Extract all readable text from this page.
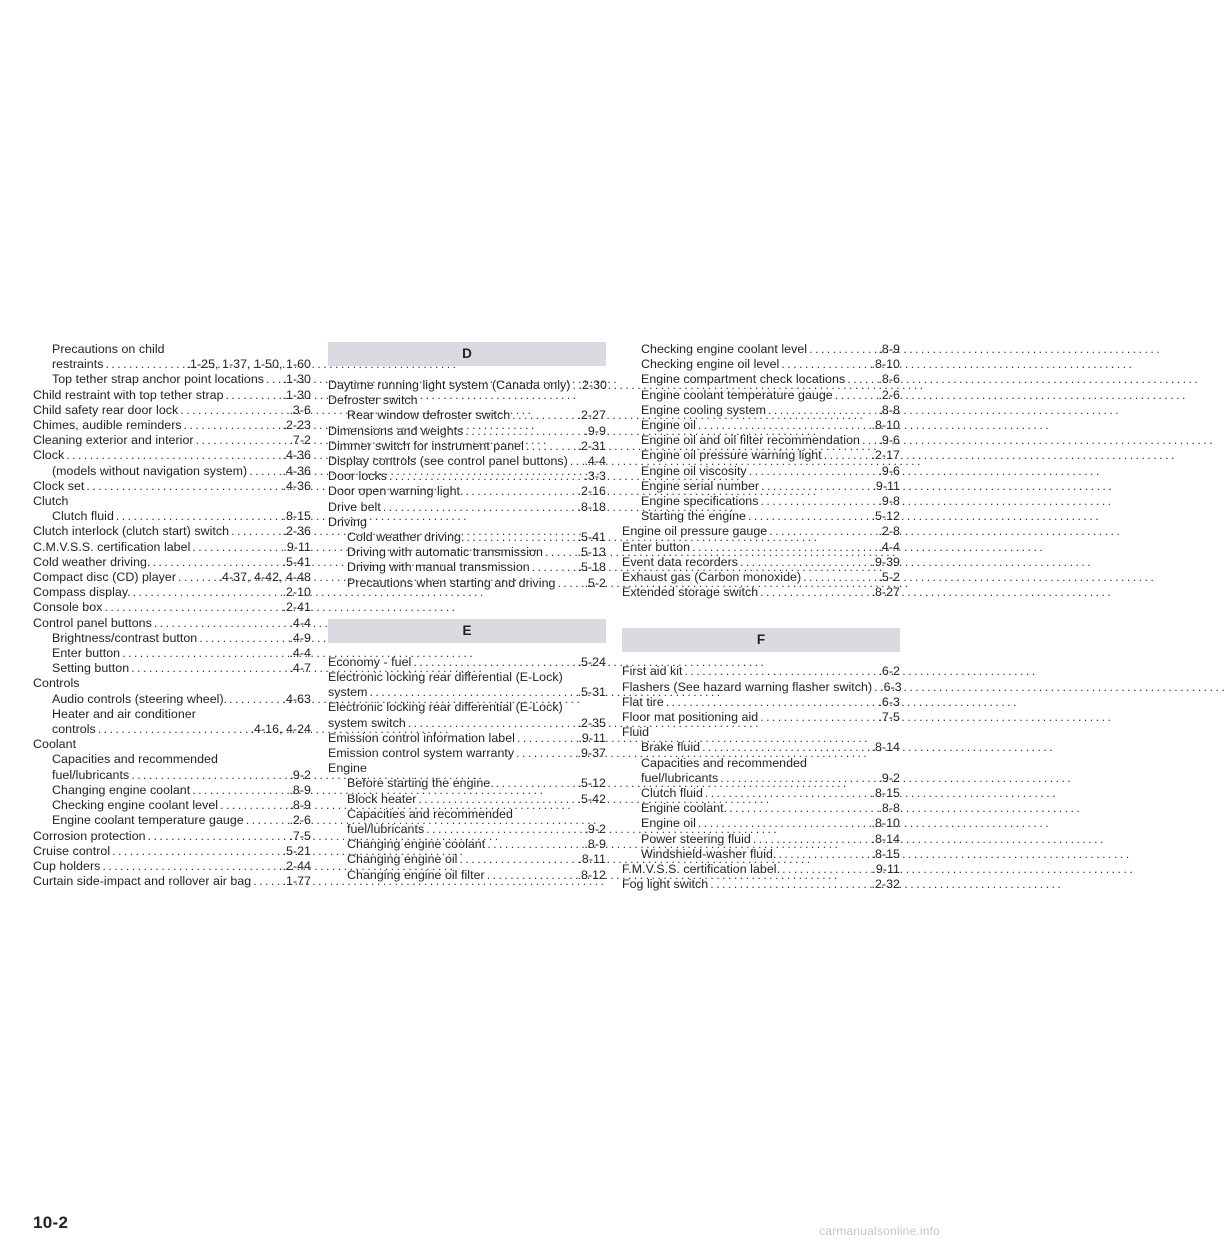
Precautions on child
restraints . . .	.1-25, 1-37, 1-50, 1-60
Top tether strap anchor point locations . . . .1-30
Child restraint with top tether strap . . .	.1-30
Child safety rear door lock . . .	.3-6
Chimes, audible reminders . . .	.2-23
Cleaning exterior and interior . . .	.7-2
Clock . . .	.4-36
(models without navigation system) . . .	.4-36
Clock set . . .	.4-36
Clutch
Clutch fluid . . .	.8-15
Clutch interlock (clutch start) switch . . .	.2-36
C.M.V.S.S. certification label . . .	.9-11
Cold weather driving. . . .	.5-41
Compact disc (CD) player . . .	.4-37, 4-42, 4-48
Compass display. . . .	.2-10
Console box . . .	.2-41
Control panel buttons . . .	.4-4
Brightness/contrast button . . .	.4-9
Enter button . . .	.4-4
Setting button . . .	.4-7
Controls
Audio controls (steering wheel). . . .	.4-63
Heater and air conditioner
controls . . .	.4-16, 4-24
Coolant
Capacities and recommended
fuel/lubricants . . .	.9-2
Changing engine coolant . . .	.8-9
Checking engine coolant level . . .	.8-9
Engine coolant temperature gauge . . .	.2-6
Corrosion protection . . .	.7-5
Cruise control . . .	.5-21
Cup holders . . .	.2-44
Curtain side-impact and rollover air bag . . .	.1-77
D
Daytime running light system (Canada only) . . . .2-30
Defroster switch
Rear window defroster switch . . .	.2-27
Dimensions and weights . . .	.9-9
Dimmer switch for instrument panel . . .	.2-31
Display controls (see control panel buttons) . . . .4-4
Door locks . . .	.3-3
Door open warning light. . . .	.2-16
Drive belt . . .	.8-18
Driving
Cold weather driving. . . .	.5-41
Driving with automatic transmission . . .	.5-13
Driving with manual transmission . . .	.5-18
Precautions when starting and driving . . . .5-2
E
Economy - fuel . . .	.5-24
Electronic locking rear differential (E-Lock)
system . . .	.5-31
Electronic locking rear differential (E-Lock)
system switch . . .	.2-35
Emission control information label . . .	.9-11
Emission control system warranty . . .	.9-37
Engine
Before starting the engine. . . .	.5-12
Block heater . . .	.5-42
Capacities and recommended
fuel/lubricants . . .	.9-2
Changing engine coolant . . .	.8-9
Changing engine oil . . .	.8-11
Changing engine oil filter . . .	.8-12
Checking engine coolant level . . .	.8-9
Checking engine oil level . . .	.8-10
Engine compartment check locations . . .	.8-6
Engine coolant temperature gauge . . .	.2-6
Engine cooling system . . .	.8-8
Engine oil . . .	.8-10
Engine oil and oil filter recommendation . . . .9-6
Engine oil pressure warning light . . .	.2-17
Engine oil viscosity . . .	.9-6
Engine serial number . . .	.9-11
Engine specifications . . .	.9-8
Starting the engine . . .	.5-12
Engine oil pressure gauge . . .	.2-8
Enter button . . .	.4-4
Event data recorders . . .	.9-39
Exhaust gas (Carbon monoxide) . . .	.5-2
Extended storage switch . . .	.8-27
F
First aid kit . . .	.6-2
Flashers (See hazard warning flasher switch) . . . .6-3
Flat tire . . .	.6-3
Floor mat positioning aid . . .	.7-5
Fluid
Brake fluid . . .	.8-14
Capacities and recommended
fuel/lubricants . . .	.9-2
Clutch fluid . . .	.8-15
Engine coolant. . . .	.8-8
Engine oil . . .	.8-10
Power steering fluid . . .	.8-14
Windshield-washer fluid. . . .	.8-15
F.M.V.S.S. certification label. . . .	.9-11
Fog light switch . . .	.2-32
10-2	carmanualsonline.info
